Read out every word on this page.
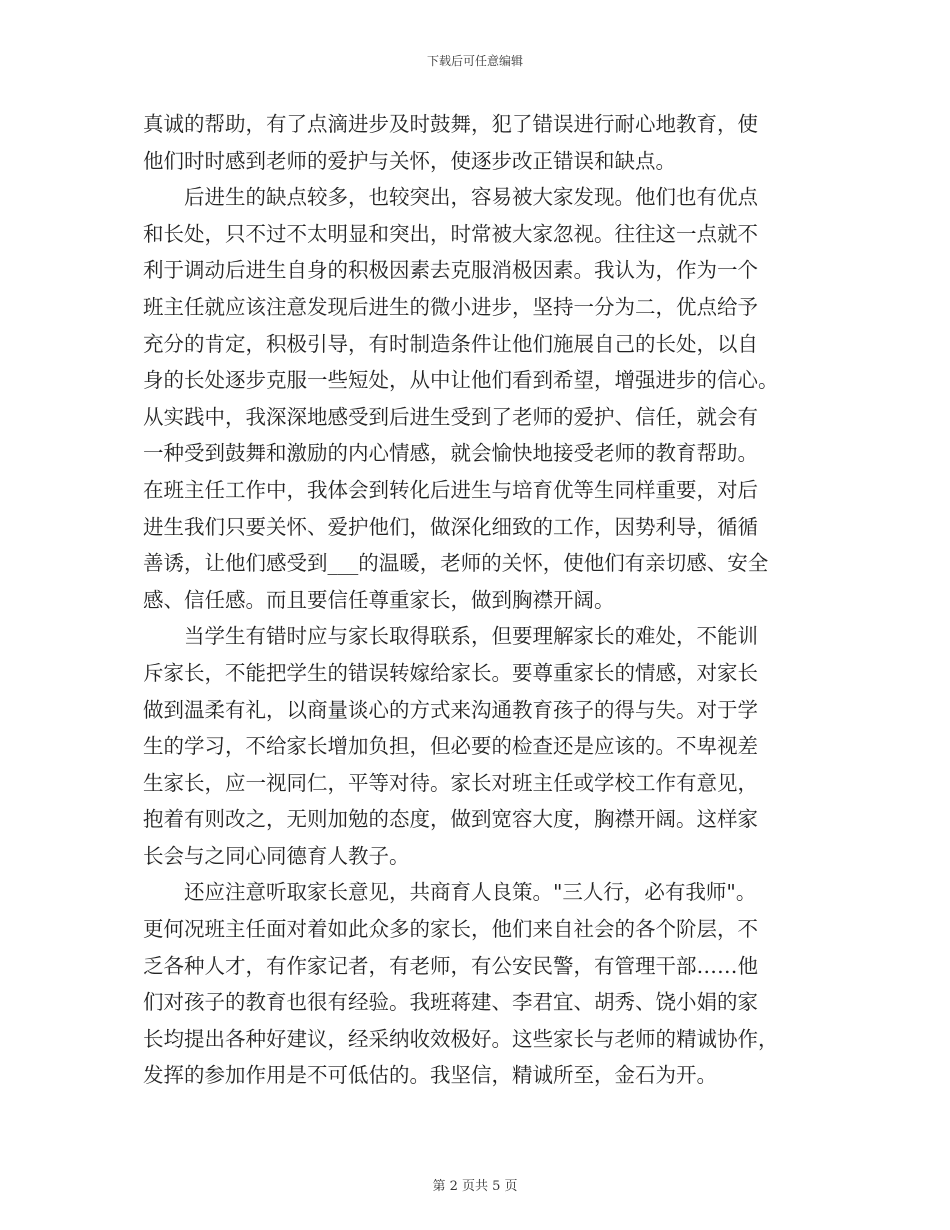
下载后可任意编辑
真诚的帮助，有了点滴进步及时鼓舞，犯了错误进行耐心地教育，使
他们时时感到老师的爱护与关怀，使逐步改正错误和缺点。
　　后进生的缺点较多，也较突出，容易被大家发现。他们也有优点
和长处，只不过不太明显和突出，时常被大家忽视。往往这一点就不
利于调动后进生自身的积极因素去克服消极因素。我认为，作为一个
班主任就应该注意发现后进生的微小进步，坚持一分为二，优点给予
充分的肯定，积极引导，有时制造条件让他们施展自己的长处，以自
身的长处逐步克服一些短处，从中让他们看到希望，增强进步的信心。
从实践中，我深深地感受到后进生受到了老师的爱护、信任，就会有
一种受到鼓舞和激励的内心情感，就会愉快地接受老师的教育帮助。
在班主任工作中，我体会到转化后进生与培育优等生同样重要，对后
进生我们只要关怀、爱护他们，做深化细致的工作，因势利导，循循
善诱，让他们感受到___的温暖，老师的关怀，使他们有亲切感、安全
感、信任感。而且要信任尊重家长，做到胸襟开阔。
　　当学生有错时应与家长取得联系，但要理解家长的难处，不能训
斥家长，不能把学生的错误转嫁给家长。要尊重家长的情感，对家长
做到温柔有礼，以商量谈心的方式来沟通教育孩子的得与失。对于学
生的学习，不给家长增加负担，但必要的检查还是应该的。不卑视差
生家长，应一视同仁，平等对待。家长对班主任或学校工作有意见，
抱着有则改之，无则加勉的态度，做到宽容大度，胸襟开阔。这样家
长会与之同心同德育人教子。
　　还应注意听取家长意见，共商育人良策。"三人行，必有我师"。
更何况班主任面对着如此众多的家长，他们来自社会的各个阶层，不
乏各种人才，有作家记者，有老师，有公安民警，有管理干部……他
们对孩子的教育也很有经验。我班蒋建、李君宜、胡秀、饶小娟的家
长均提出各种好建议，经采纳收效极好。这些家长与老师的精诚协作，
发挥的参加作用是不可低估的。我坚信，精诚所至，金石为开。
第 2 页共 5 页
